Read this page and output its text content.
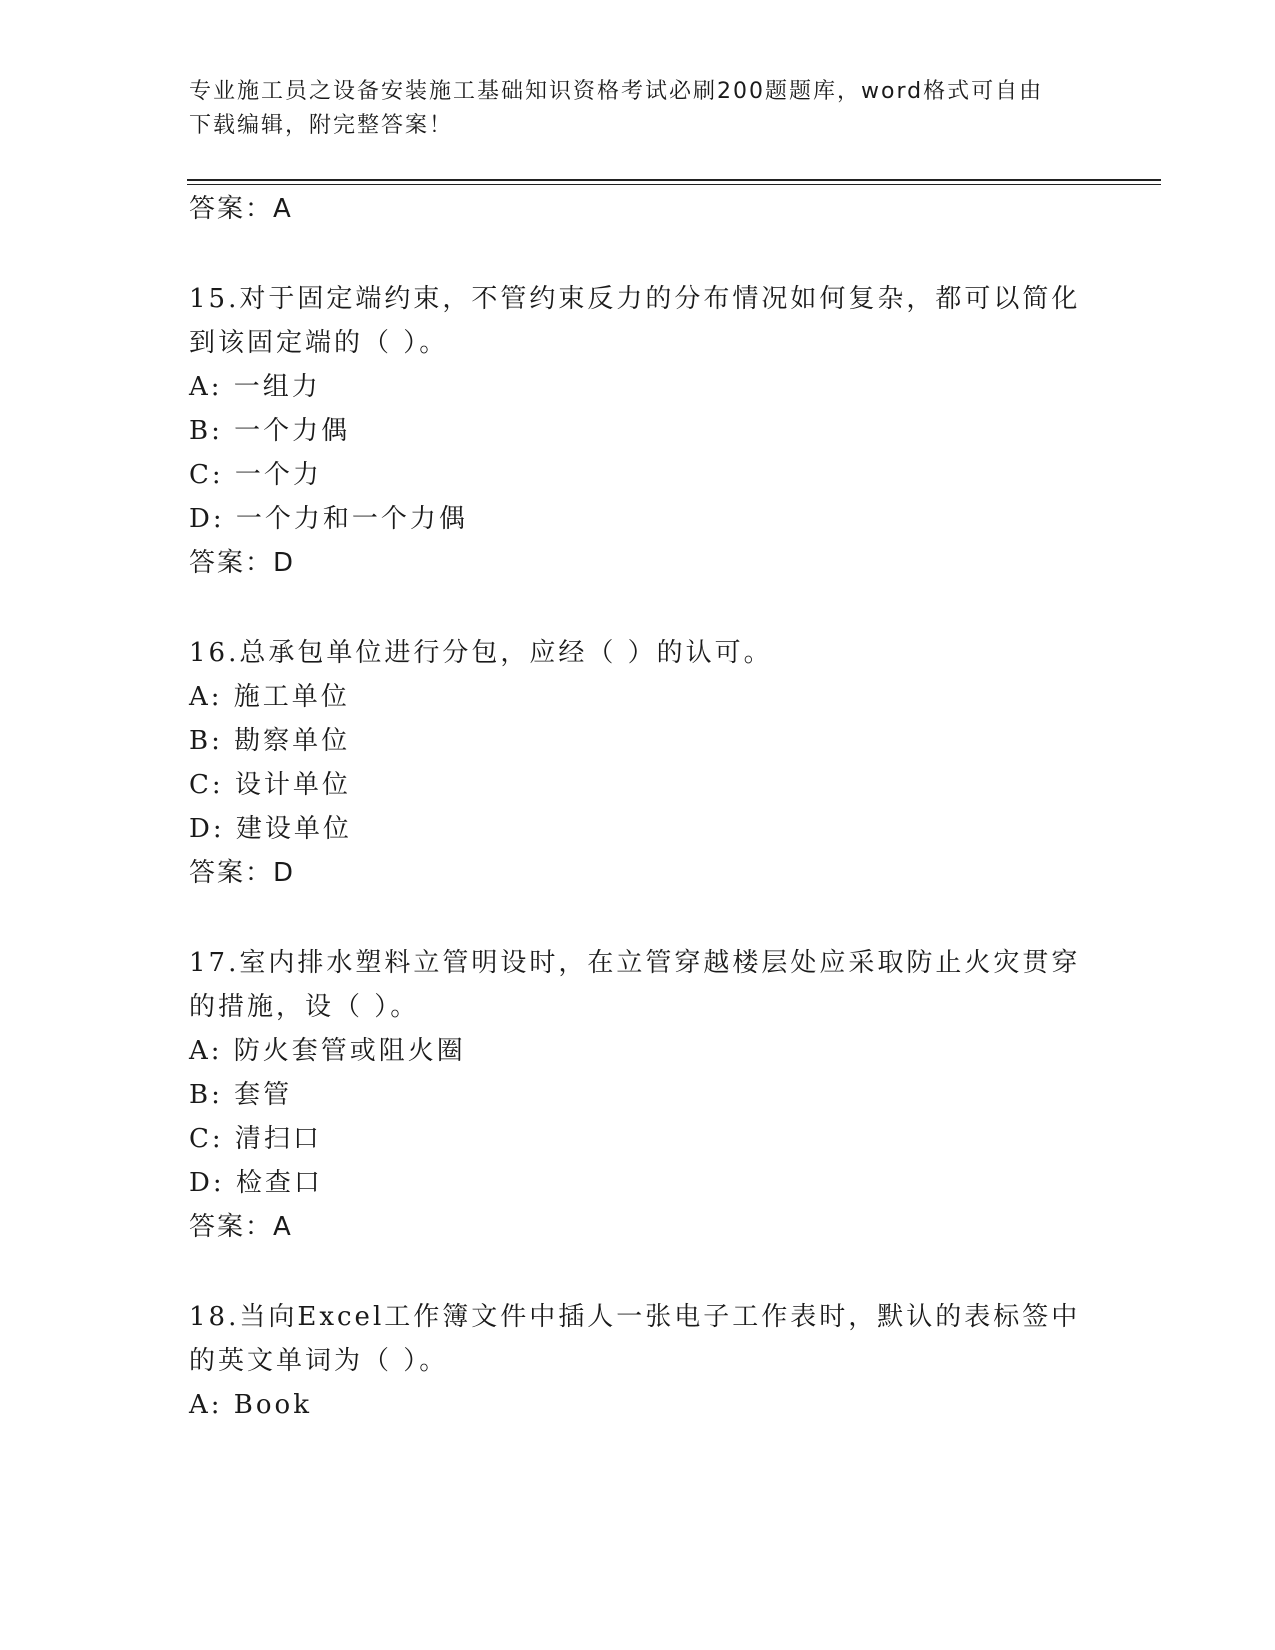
专业施工员之设备安装施工基础知识资格考试必刷200题题库，word格式可自由
下载编辑，附完整答案！
答案：A
15.对于固定端约束，不管约束反力的分布情况如何复杂，都可以简化
到该固定端的（ ）。
A: 一组力
B: 一个力偶
C: 一个力
D: 一个力和一个力偶
答案：D
16.总承包单位进行分包，应经（ ）的认可。
A: 施工单位
B: 勘察单位
C: 设计单位
D: 建设单位
答案：D
17.室内排水塑料立管明设时，在立管穿越楼层处应采取防止火灾贯穿
的措施，设（ ）。
A: 防火套管或阻火圈
B: 套管
C: 清扫口
D: 检查口
答案：A
18.当向Excel工作簿文件中插人一张电子工作表时，默认的表标签中
的英文单词为（ ）。
A: Book
